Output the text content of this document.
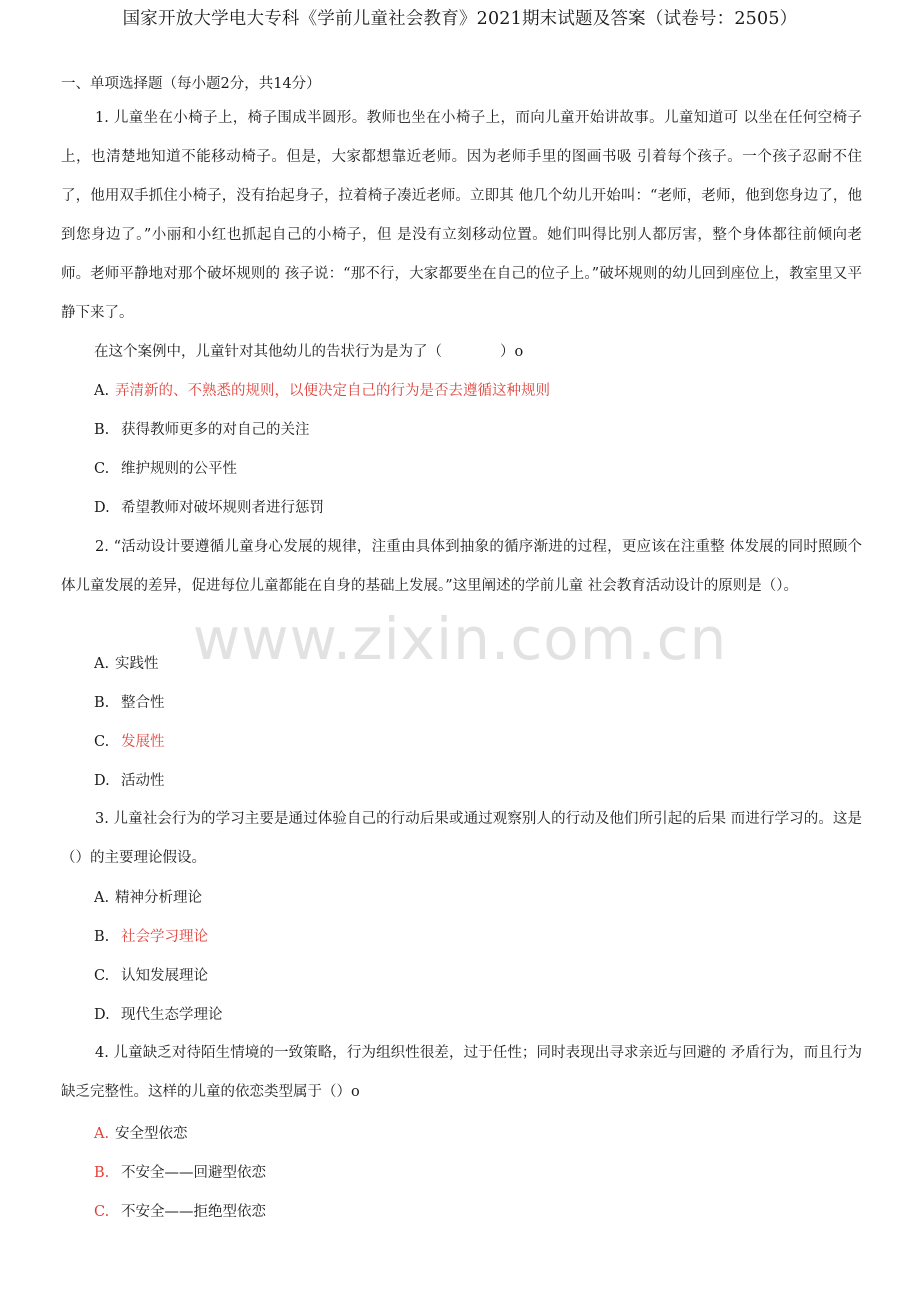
国家开放大学电大专科《学前儿童社会教育》2021期末试题及答案（试卷号：2505）
一、单项选择题（每小题2分，共14分）

1. 儿童坐在小椅子上，椅子围成半圆形。教师也坐在小椅子上，而向儿童开始讲故事。儿童知道可 以坐在任何空椅子上，也清楚地知道不能移动椅子。但是，大家都想靠近老师。因为老师手里的图画书吸 引着每个孩子。一个孩子忍耐不住了，他用双手抓住小椅子，没有抬起身子，拉着椅子凑近老师。立即其 他几个幼儿开始叫：“老师，老师，他到您身边了，他到您身边了。”小丽和小红也抓起自己的小椅子，但 是没有立刻移动位置。她们叫得比别人都厉害，整个身体都往前倾向老师。老师平静地对那个破坏规则的 孩子说：“那不行，大家都要坐在自己的位子上。”破坏规则的幼儿回到座位上，教室里又平静下来了。

在这个案例中，儿童针对其他幼儿的告状行为是为了（　　　　）o
A. 弄清新的、不熟悉的规则，以便决定自己的行为是否去遵循这种规则
B. 获得教师更多的对自己的关注
C. 维护规则的公平性
D. 希望教师对破坏规则者进行惩罚

2. “活动设计要遵循儿童身心发展的规律，注重由具体到抽象的循序渐进的过程，更应该在注重整 体发展的同时照顾个体儿童发展的差异，促进每位儿童都能在自身的基础上发展。”这里阐述的学前儿童 社会教育活动设计的原则是（）。

A. 实践性
B. 整合性
C. 发展性
D. 活动性

3. 儿童社会行为的学习主要是通过体验自己的行动后果或通过观察别人的行动及他们所引起的后果 而进行学习的。这是（）的主要理论假设。

A. 精神分析理论
B. 社会学习理论
C. 认知发展理论
D. 现代生态学理论

4. 儿童缺乏对待陌生情境的一致策略，行为组织性很差，过于任性；同时表现出寻求亲近与回避的 矛盾行为，而且行为缺乏完整性。这样的儿童的依恋类型属于（）o

A. 安全型依恋
B. 不安全——回避型依恋
C. 不安全——拒绝型依恋
www.zixin.com.cn
